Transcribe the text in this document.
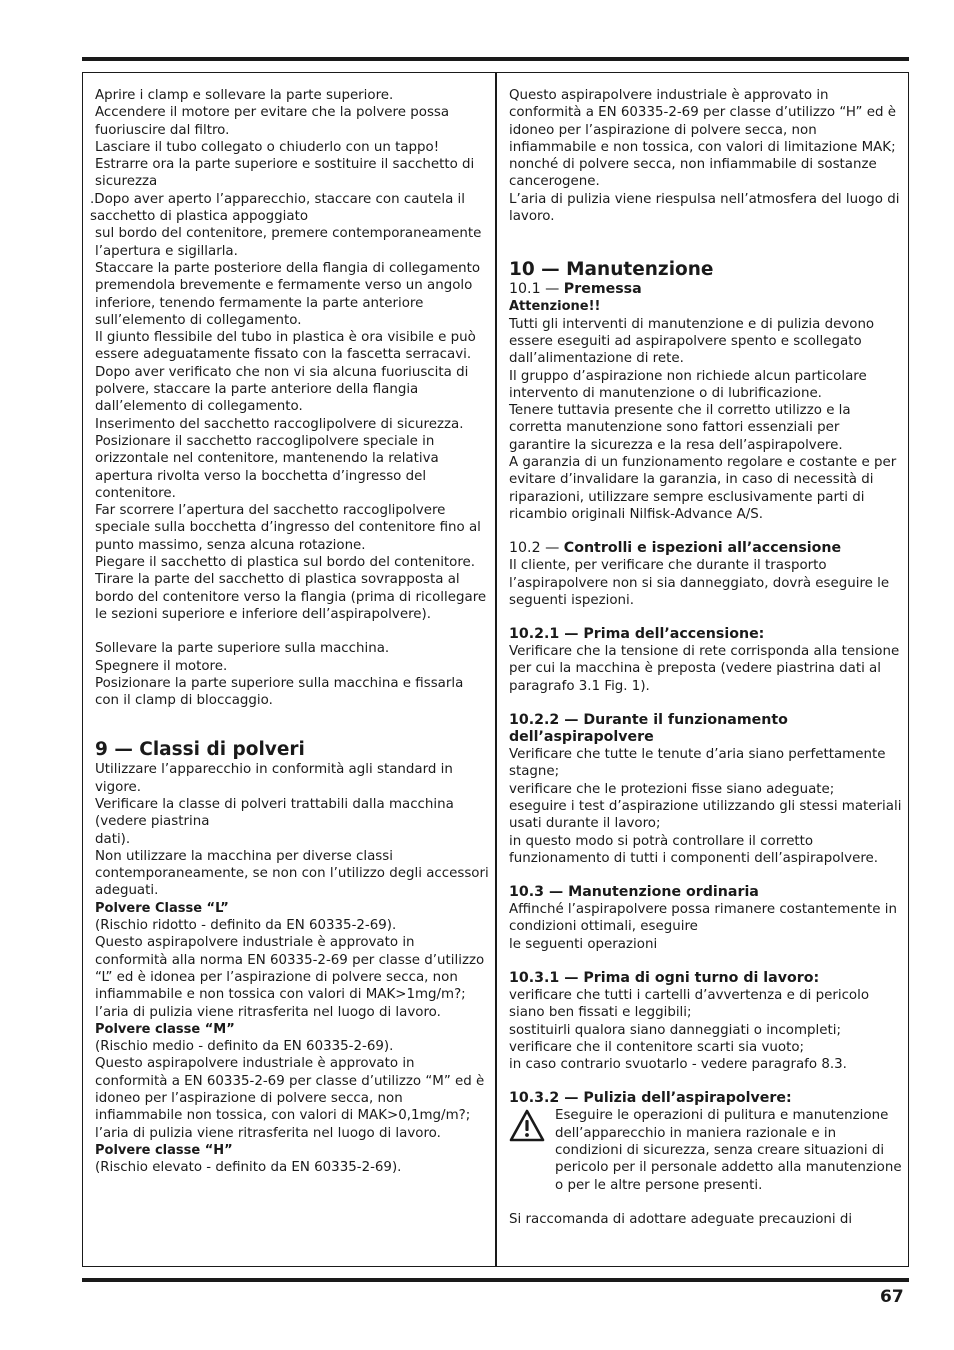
Aprire i clamp e sollevare la parte superiore.

Accendere il motore per evitare che la polvere possa fuoriuscire dal filtro.

Lasciare il tubo collegato o chiuderlo con un tappo!

Estrarre ora la parte superiore e sostituire il sacchetto di sicurezza

.Dopo aver aperto l’apparecchio, staccare con cautela il sacchetto di plastica appoggiato

sul bordo del contenitore, premere contemporaneamente l’apertura e sigillarla.

Staccare la parte posteriore della flangia di collegamento premendola brevemente e fermamente verso un angolo inferiore, tenendo fermamente la parte anteriore sull’elemento di collegamento.

Il giunto flessibile del tubo in plastica è ora visibile e può essere adeguatamente fissato con la fascetta serracavi.

Dopo aver verificato che non vi sia alcuna fuoriuscita di polvere, staccare la parte anteriore della flangia dall’elemento di collegamento.

Inserimento del sacchetto raccoglipolvere di sicurezza.

Posizionare il sacchetto raccoglipolvere speciale in orizzontale nel contenitore, mantenendo la relativa apertura rivolta verso la bocchetta d’ingresso del contenitore.

Far scorrere l’apertura del sacchetto raccoglipolvere speciale sulla bocchetta d’ingresso del contenitore fino al punto massimo, senza alcuna rotazione.

Piegare il sacchetto di plastica sul bordo del contenitore.

Tirare la parte del sacchetto di plastica sovrapposta al bordo del contenitore verso la flangia (prima di ricollegare le sezioni superiore e inferiore dell’aspirapolvere).

Sollevare la parte superiore sulla macchina.

Spegnere il motore.

Posizionare la parte superiore sulla macchina e fissarla con il clamp di bloccaggio.

9 — Classi di polveri

Utilizzare l’apparecchio in conformità agli standard in vigore.

Verificare la classe di polveri trattabili dalla macchina (vedere piastrina

dati).

Non utilizzare la macchina per diverse classi contemporaneamente, se non con l’utilizzo degli accessori adeguati.

Polvere Classe “L”

(Rischio ridotto - definito da EN 60335-2-69).

Questo aspirapolvere industriale è approvato in conformità alla norma EN 60335-2-69 per classe d’utilizzo “L” ed è idonea per l’aspirazione di polvere secca, non infiammabile e non tossica con valori di MAK>1mg/m?; l’aria di pulizia viene ritrasferita nel luogo di lavoro.

Polvere classe “M”

(Rischio medio - definito da EN 60335-2-69).

Questo aspirapolvere industriale è approvato in conformità a EN 60335-2-69 per classe d’utilizzo “M” ed è idoneo per l’aspirazione di polvere secca, non infiammabile non tossica, con valori di MAK>0,1mg/m?; l’aria di pulizia viene ritrasferita nel luogo di lavoro.

Polvere classe “H”

(Rischio elevato - definito da EN 60335-2-69).

Questo aspirapolvere industriale è approvato in conformità a EN 60335-2-69 per classe d’utilizzo “H” ed è idoneo per l’aspirazione di polvere secca, non infiammabile e non tossica, con valori di limitazione MAK; nonché di polvere secca, non infiammabile di sostanze cancerogene.

L’aria di pulizia viene riespulsa nell’atmosfera del luogo di lavoro.

10 — Manutenzione

10.1 — Premessa

Attenzione!!

Tutti gli interventi di manutenzione e di pulizia devono essere eseguiti ad aspirapolvere spento e scollegato dall’alimentazione di rete.

Il gruppo d’aspirazione non richiede alcun particolare intervento di manutenzione o di lubrificazione.

Tenere tuttavia presente che il corretto utilizzo e la corretta manutenzione sono fattori essenziali per garantire la sicurezza e la resa dell’aspirapolvere.

A garanzia di un funzionamento regolare e costante e per evitare d’invalidare la garanzia, in caso di necessità di riparazioni, utilizzare sempre esclusivamente parti di ricambio originali Nilfisk-Advance A/S.

10.2 — Controlli e ispezioni all’accensione

Il cliente, per verificare che durante il trasporto l’aspirapolvere non si sia danneggiato, dovrà eseguire le seguenti ispezioni.

10.2.1 — Prima dell’accensione:

Verificare che la tensione di rete corrisponda alla tensione per cui la macchina è preposta (vedere piastrina dati al paragrafo 3.1 Fig. 1).

10.2.2 — Durante il funzionamento dell’aspirapolvere

Verificare che tutte le tenute d’aria siano perfettamente stagne;

verificare che le protezioni fisse siano adeguate;

eseguire i test d’aspirazione utilizzando gli stessi materiali usati durante il lavoro;

in questo modo si potrà controllare il corretto funzionamento di tutti i componenti dell’aspirapolvere.

10.3 — Manutenzione ordinaria

Affinché l’aspirapolvere possa rimanere costantemente in condizioni ottimali, eseguire

le seguenti operazioni

10.3.1 — Prima di ogni turno di lavoro:

verificare che tutti i cartelli d’avvertenza e di pericolo siano ben fissati e leggibili;

sostituirli qualora siano danneggiati o incompleti;

verificare che il contenitore scarti sia vuoto;

in caso contrario svuotarlo - vedere paragrafo 8.3.

10.3.2 — Pulizia dell’aspirapolvere:

Eseguire le operazioni di pulitura e manutenzione dell’apparecchio in maniera razionale e in condizioni di sicurezza, senza creare situazioni di pericolo per il personale addetto alla manutenzione o per le altre persone presenti.

Si raccomanda di adottare adeguate precauzioni di

67
